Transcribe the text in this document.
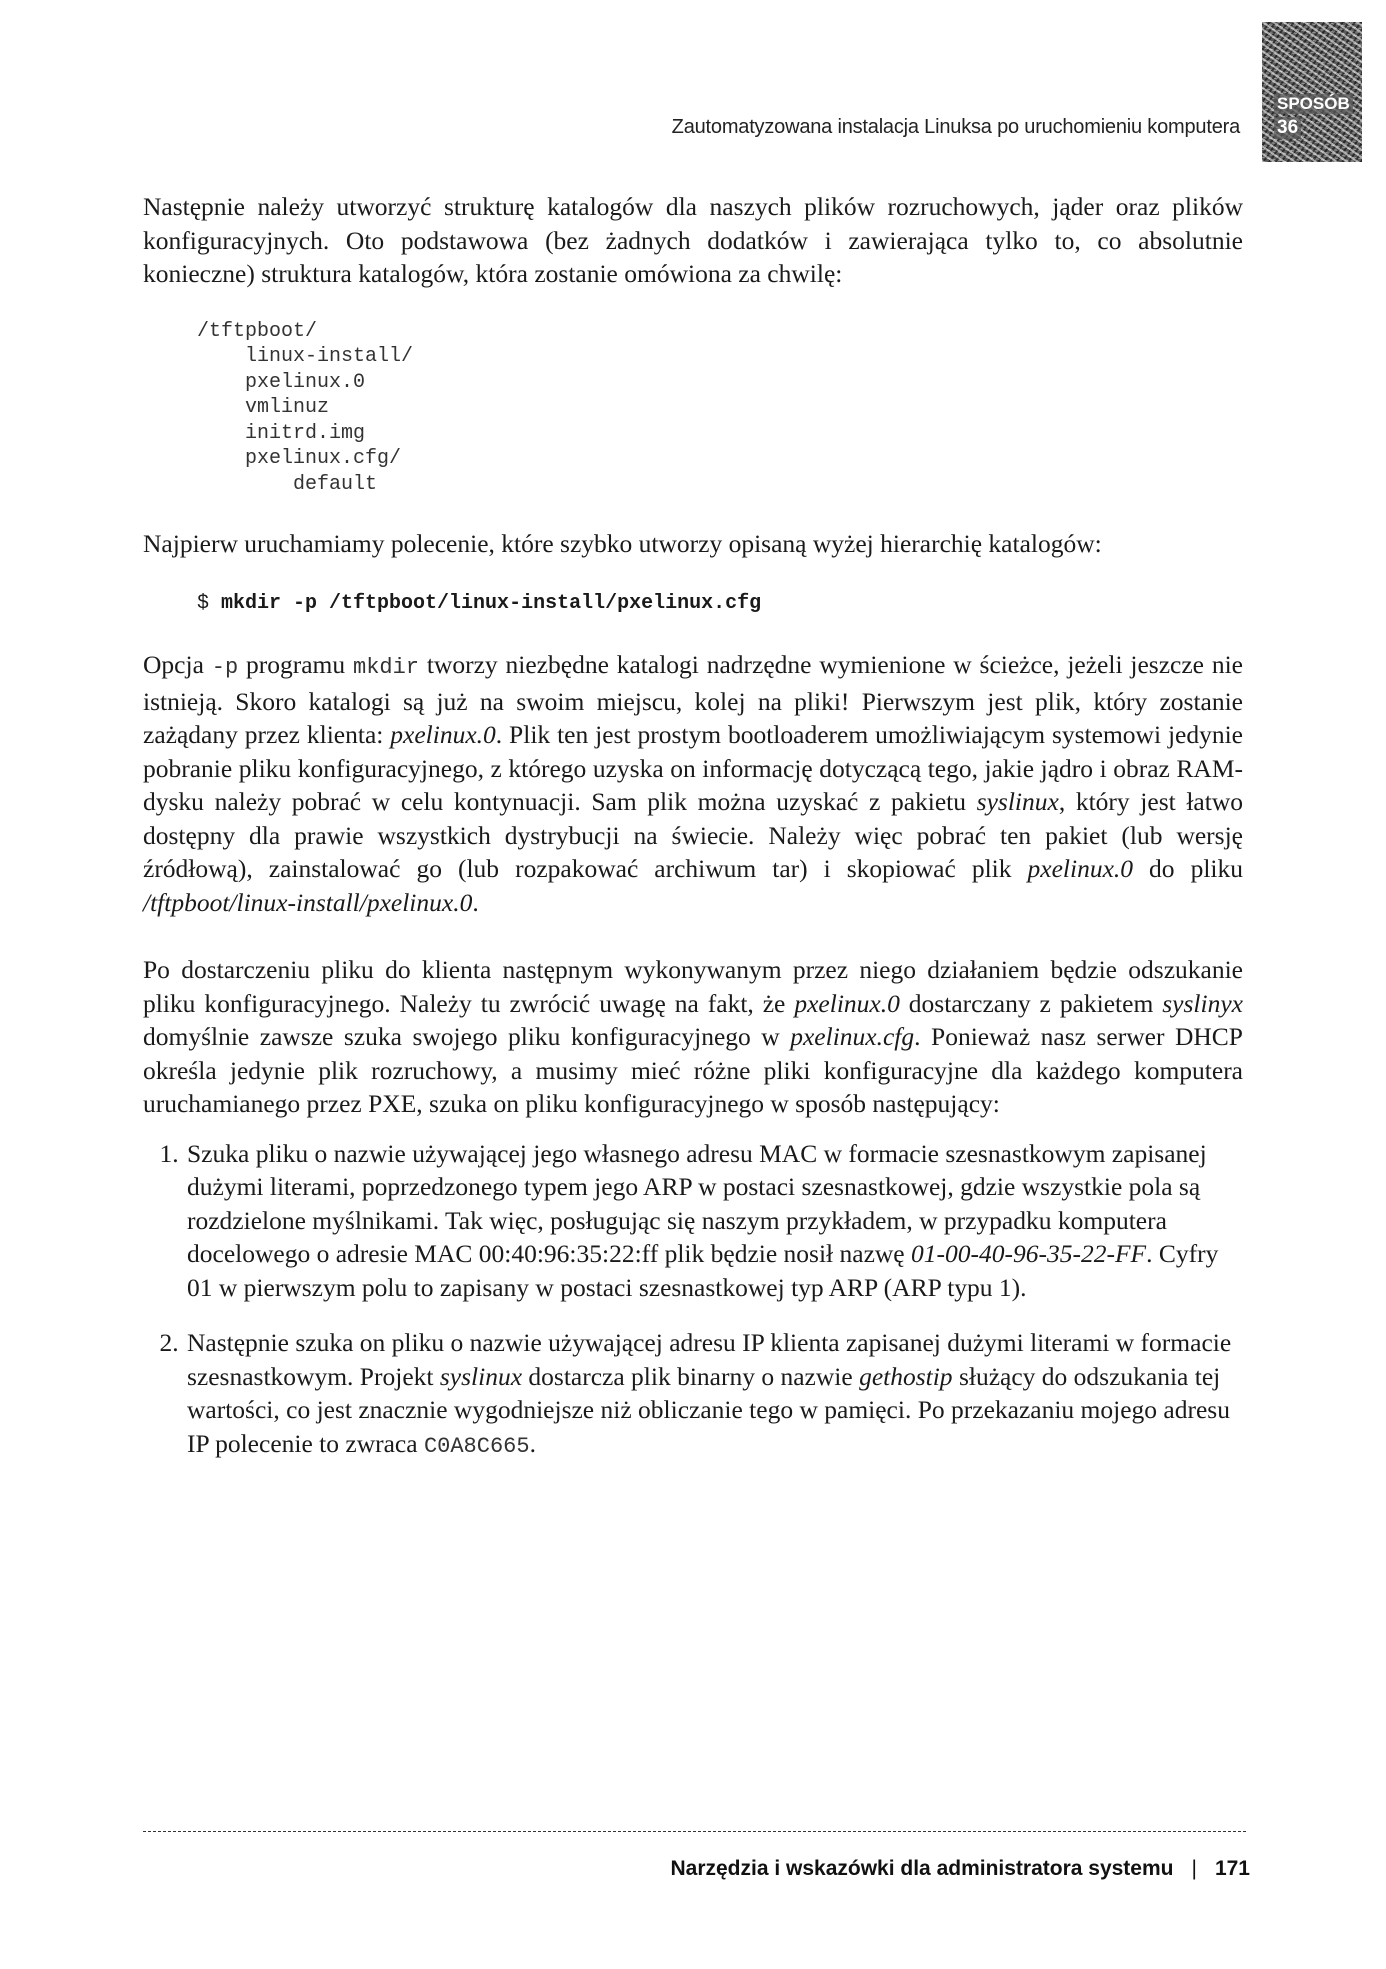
Zautomatyzowana instalacja Linuksa po uruchomieniu komputera
SPOSÓB
36

Następnie należy utworzyć strukturę katalogów dla naszych plików rozruchowych, jąder oraz plików konfiguracyjnych. Oto podstawowa (bez żadnych dodatków i zawierająca tylko to, co absolutnie konieczne) struktura katalogów, która zostanie omówiona za chwilę:

/tftpboot/
linux-install/
pxelinux.0
vmlinuz
initrd.img
pxelinux.cfg/
default

Najpierw uruchamiamy polecenie, które szybko utworzy opisaną wyżej hierarchię katalogów:

$ mkdir -p /tftpboot/linux-install/pxelinux.cfg

Opcja -p programu mkdir tworzy niezbędne katalogi nadrzędne wymienione w ścieżce, jeżeli jeszcze nie istnieją. Skoro katalogi są już na swoim miejscu, kolej na pliki! Pierwszym jest plik, który zostanie zażądany przez klienta: pxelinux.0. Plik ten jest prostym bootloaderem umożliwiającym systemowi jedynie pobranie pliku konfiguracyjnego, z którego uzyska on informację dotyczącą tego, jakie jądro i obraz RAM-dysku należy pobrać w celu kontynuacji. Sam plik można uzyskać z pakietu syslinux, który jest łatwo dostępny dla prawie wszystkich dystrybucji na świecie. Należy więc pobrać ten pakiet (lub wersję źródłową), zainstalować go (lub rozpakować archiwum tar) i skopiować plik pxelinux.0 do pliku /tftpboot/linux-install/pxelinux.0.

Po dostarczeniu pliku do klienta następnym wykonywanym przez niego działaniem będzie odszukanie pliku konfiguracyjnego. Należy tu zwrócić uwagę na fakt, że pxelinux.0 dostarczany z pakietem syslinyx domyślnie zawsze szuka swojego pliku konfiguracyjnego w pxelinux.cfg. Ponieważ nasz serwer DHCP określa jedynie plik rozruchowy, a musimy mieć różne pliki konfiguracyjne dla każdego komputera uruchamianego przez PXE, szuka on pliku konfiguracyjnego w sposób następujący:

1. Szuka pliku o nazwie używającej jego własnego adresu MAC w formacie szesnastkowym zapisanej dużymi literami, poprzedzonego typem jego ARP w postaci szesnastkowej, gdzie wszystkie pola są rozdzielone myślnikami. Tak więc, posługując się naszym przykładem, w przypadku komputera docelowego o adresie MAC 00:40:96:35:22:ff plik będzie nosił nazwę 01-00-40-96-35-22-FF. Cyfry 01 w pierwszym polu to zapisany w postaci szesnastkowej typ ARP (ARP typu 1).
2. Następnie szuka on pliku o nazwie używającej adresu IP klienta zapisanej dużymi literami w formacie szesnastkowym. Projekt syslinux dostarcza plik binarny o nazwie gethostip służący do odszukania tej wartości, co jest znacznie wygodniejsze niż obliczanie tego w pamięci. Po przekazaniu mojego adresu IP polecenie to zwraca C0A8C665.
Narzędzia i wskazówki dla administratora systemu | 171
